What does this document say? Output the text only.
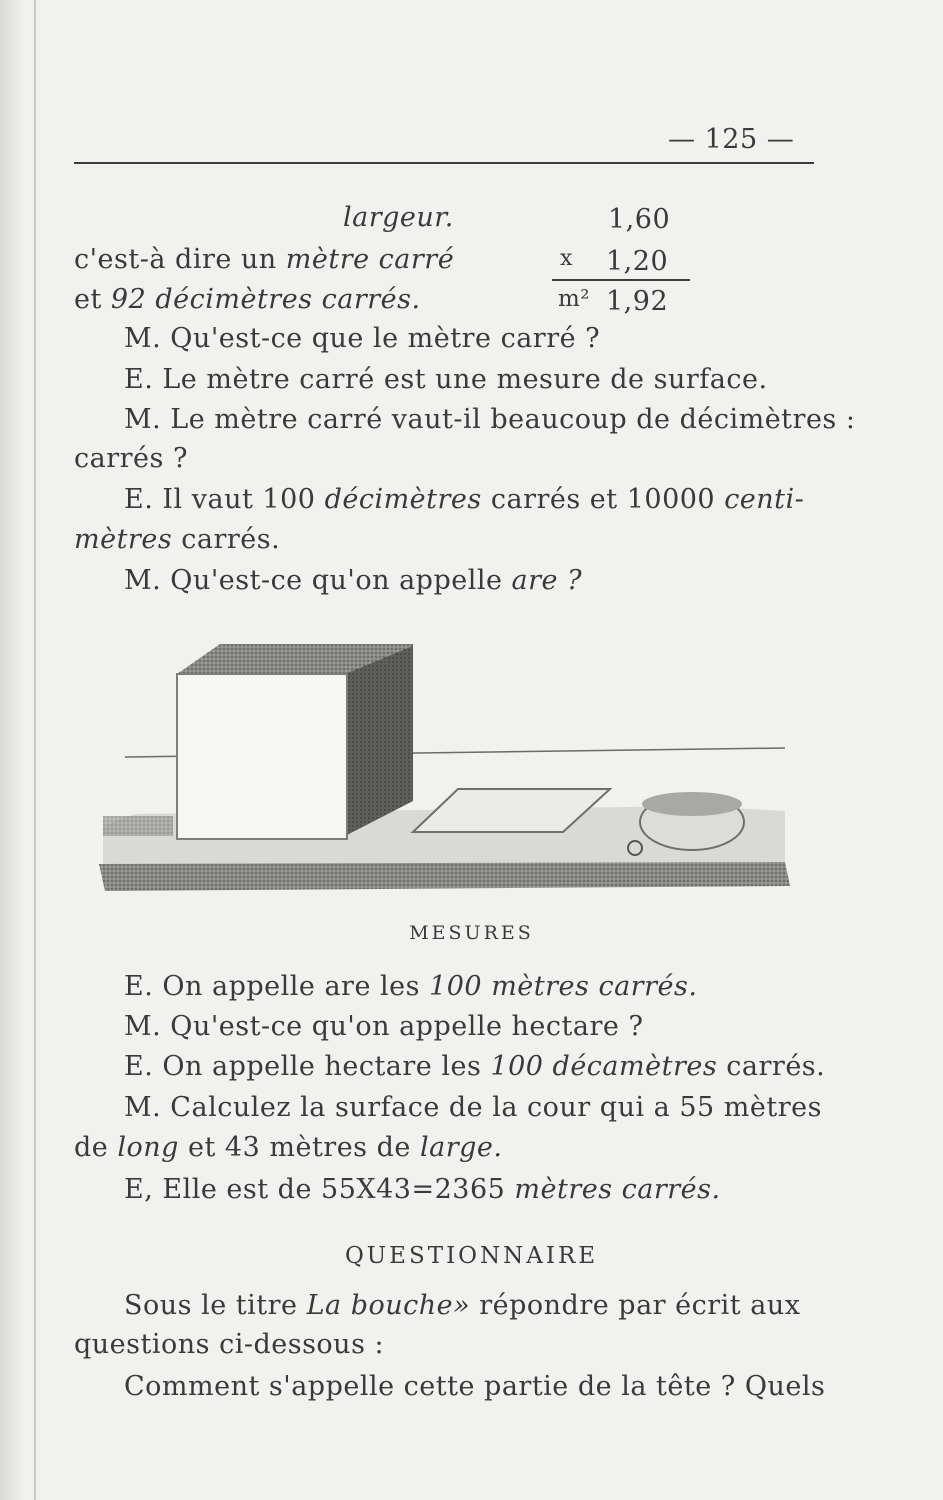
— 125 —
largeur.
c'est-à dire un mètre carré
et 92 décimètres carrés.
1,60
x 1,20
m² 1,92
M. Qu'est-ce que le mètre carré ?
E. Le mètre carré est une mesure de surface.
M. Le mètre carré vaut-il beaucoup de décimètres :
carrés ?
E. Il vaut 100 décimètres carrés et 10000 centi-
mètres carrés.
M. Qu'est-ce qu'on appelle are ?
MESURES
E. On appelle are les 100 mètres carrés.
M. Qu'est-ce qu'on appelle hectare ?
E. On appelle hectare les 100 décamètres carrés.
M. Calculez la surface de la cour qui a 55 mètres
de long et 43 mètres de large.
E, Elle est de 55X43=2365 mètres carrés.
QUESTIONNAIRE
Sous le titre La bouche» répondre par écrit aux
questions ci-dessous :
Comment s'appelle cette partie de la tête ? Quels
